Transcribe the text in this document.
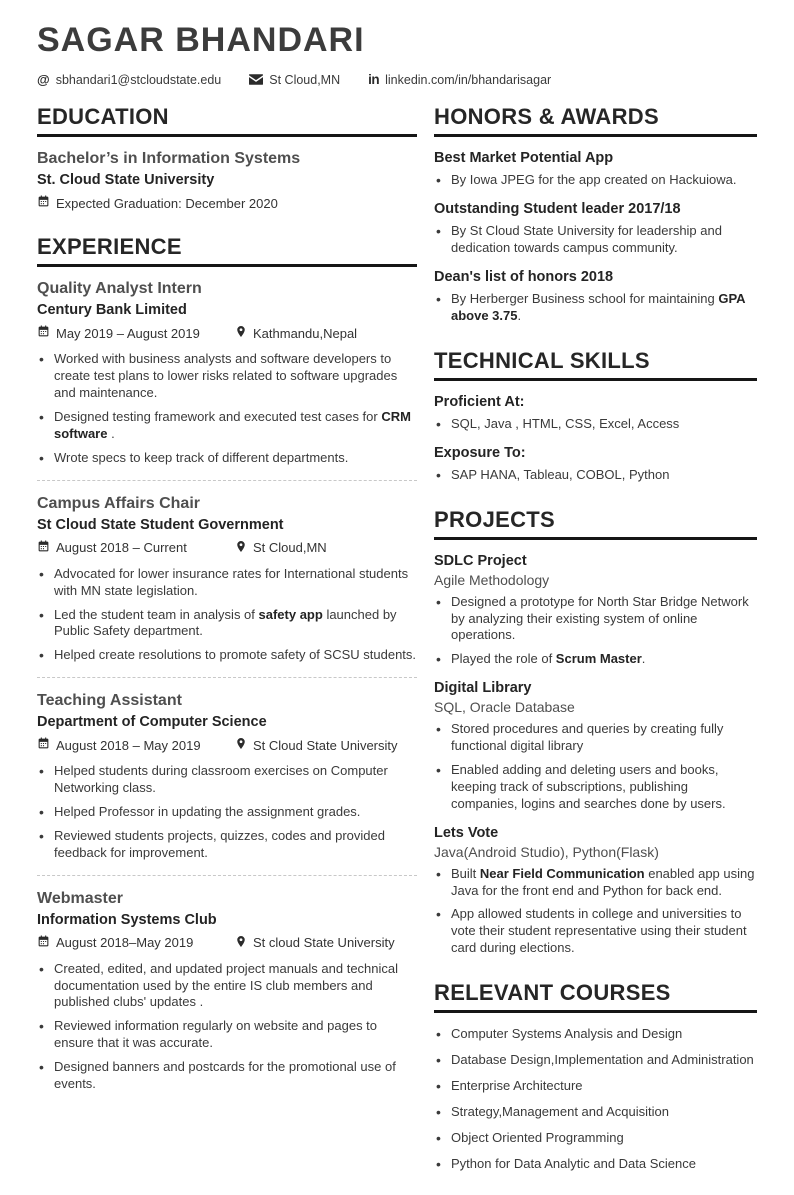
SAGAR BHANDARI
@ sbhandari1@stcloudstate.edu	St Cloud,MN in linkedin.com/in/bhandarisagar
EDUCATION
Bachelor’s in Information Systems
St. Cloud State University
Expected Graduation: December 2020
EXPERIENCE
Quality Analyst Intern
Century Bank Limited
May 2019 – August 2019	Kathmandu,Nepal
• Worked with business analysts and software developers to create test plans to lower risks related to software upgrades and maintenance.
• Designed testing framework and executed test cases for CRM software .
• Wrote specs to keep track of different departments.
Campus Affairs Chair
St Cloud State Student Government
August 2018 – Current	St Cloud,MN
• Advocated for lower insurance rates for International students with MN state legislation.
• Led the student team in analysis of safety app launched by Public Safety department.
• Helped create resolutions to promote safety of SCSU students.
Teaching Assistant
Department of Computer Science
August 2018 – May 2019	St Cloud State University
• Helped students during classroom exercises on Computer Networking class.
• Helped Professor in updating the assignment grades.
• Reviewed students projects, quizzes, codes and provided feedback for improvement.
Webmaster
Information Systems Club
August 2018–May 2019	St cloud State University
• Created, edited, and updated project manuals and technical documentation used by the entire IS club members and published clubs' updates .
• Reviewed information regularly on website and pages to ensure that it was accurate.
• Designed banners and postcards for the promotional use of events.
HONORS & AWARDS
Best Market Potential App
• By Iowa JPEG for the app created on Hackuiowa.
Outstanding Student leader 2017/18
• By St Cloud State University for leadership and dedication towards campus community.
Dean's list of honors 2018
• By Herberger Business school for maintaining GPA above 3.75.
TECHNICAL SKILLS
Proficient At:
• SQL, Java , HTML, CSS, Excel, Access
Exposure To:
• SAP HANA, Tableau, COBOL, Python
PROJECTS
SDLC Project
Agile Methodology
• Designed a prototype for North Star Bridge Network by analyzing their existing system of online operations.
• Played the role of Scrum Master.
Digital Library
SQL, Oracle Database
• Stored procedures and queries by creating fully functional digital library
• Enabled adding and deleting users and books, keeping track of subscriptions, publishing companies, logins and searches done by users.
Lets Vote
Java(Android Studio), Python(Flask)
• Built Near Field Communication enabled app using Java for the front end and Python for back end.
• App allowed students in college and universities to vote their student representative using their student card during elections.
RELEVANT COURSES
• Computer Systems Analysis and Design
• Database Design,Implementation and Administration
• Enterprise Architecture
• Strategy,Management and Acquisition
• Object Oriented Programming
• Python for Data Analytic and Data Science
